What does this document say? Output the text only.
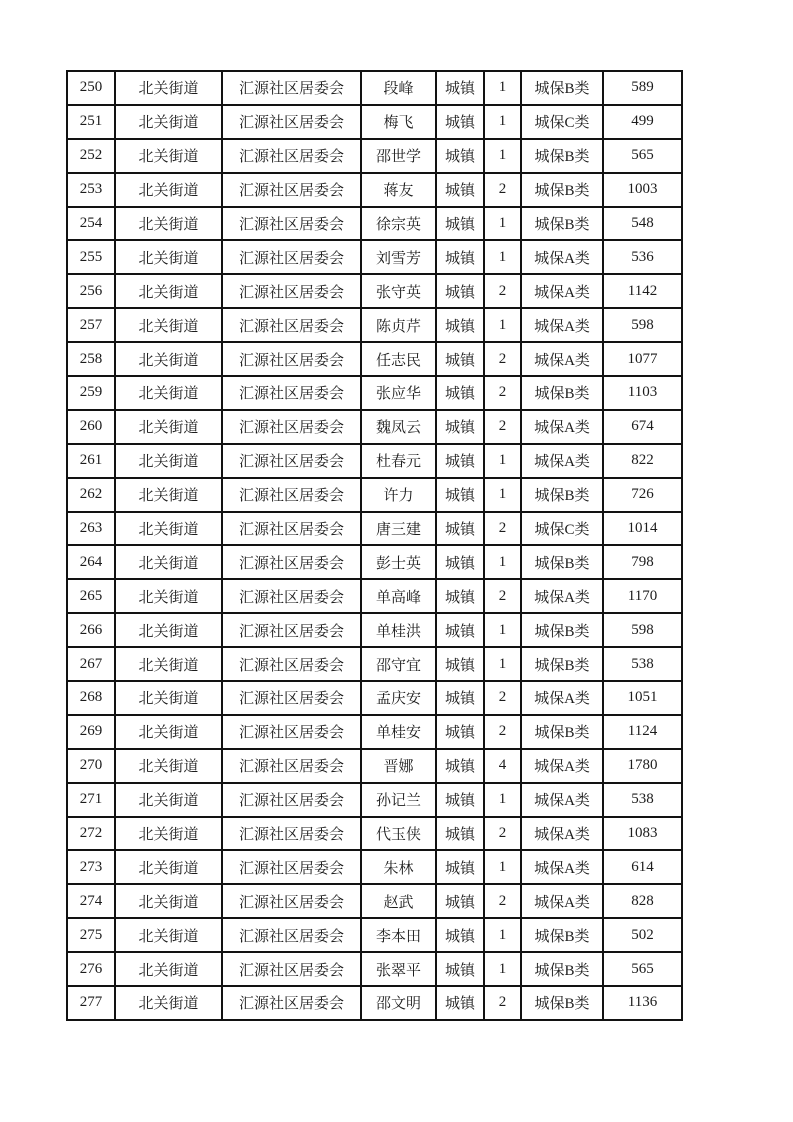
250	北关街道	汇源社区居委会	段峰	城镇	1	城保B类	589
251	北关街道	汇源社区居委会	梅飞	城镇	1	城保C类	499
252	北关街道	汇源社区居委会	邵世学	城镇	1	城保B类	565
253	北关街道	汇源社区居委会	蒋友	城镇	2	城保B类	1003
254	北关街道	汇源社区居委会	徐宗英	城镇	1	城保B类	548
255	北关街道	汇源社区居委会	刘雪芳	城镇	1	城保A类	536
256	北关街道	汇源社区居委会	张守英	城镇	2	城保A类	1142
257	北关街道	汇源社区居委会	陈贞芹	城镇	1	城保A类	598
258	北关街道	汇源社区居委会	任志民	城镇	2	城保A类	1077
259	北关街道	汇源社区居委会	张应华	城镇	2	城保B类	1103
260	北关街道	汇源社区居委会	魏凤云	城镇	2	城保A类	674
261	北关街道	汇源社区居委会	杜春元	城镇	1	城保A类	822
262	北关街道	汇源社区居委会	许力	城镇	1	城保B类	726
263	北关街道	汇源社区居委会	唐三建	城镇	2	城保C类	1014
264	北关街道	汇源社区居委会	彭士英	城镇	1	城保B类	798
265	北关街道	汇源社区居委会	单高峰	城镇	2	城保A类	1170
266	北关街道	汇源社区居委会	单桂洪	城镇	1	城保B类	598
267	北关街道	汇源社区居委会	邵守宜	城镇	1	城保B类	538
268	北关街道	汇源社区居委会	孟庆安	城镇	2	城保A类	1051
269	北关街道	汇源社区居委会	单桂安	城镇	2	城保B类	1124
270	北关街道	汇源社区居委会	晋娜	城镇	4	城保A类	1780
271	北关街道	汇源社区居委会	孙记兰	城镇	1	城保A类	538
272	北关街道	汇源社区居委会	代玉侠	城镇	2	城保A类	1083
273	北关街道	汇源社区居委会	朱林	城镇	1	城保A类	614
274	北关街道	汇源社区居委会	赵武	城镇	2	城保A类	828
275	北关街道	汇源社区居委会	李本田	城镇	1	城保B类	502
276	北关街道	汇源社区居委会	张翠平	城镇	1	城保B类	565
277	北关街道	汇源社区居委会	邵文明	城镇	2	城保B类	1136
